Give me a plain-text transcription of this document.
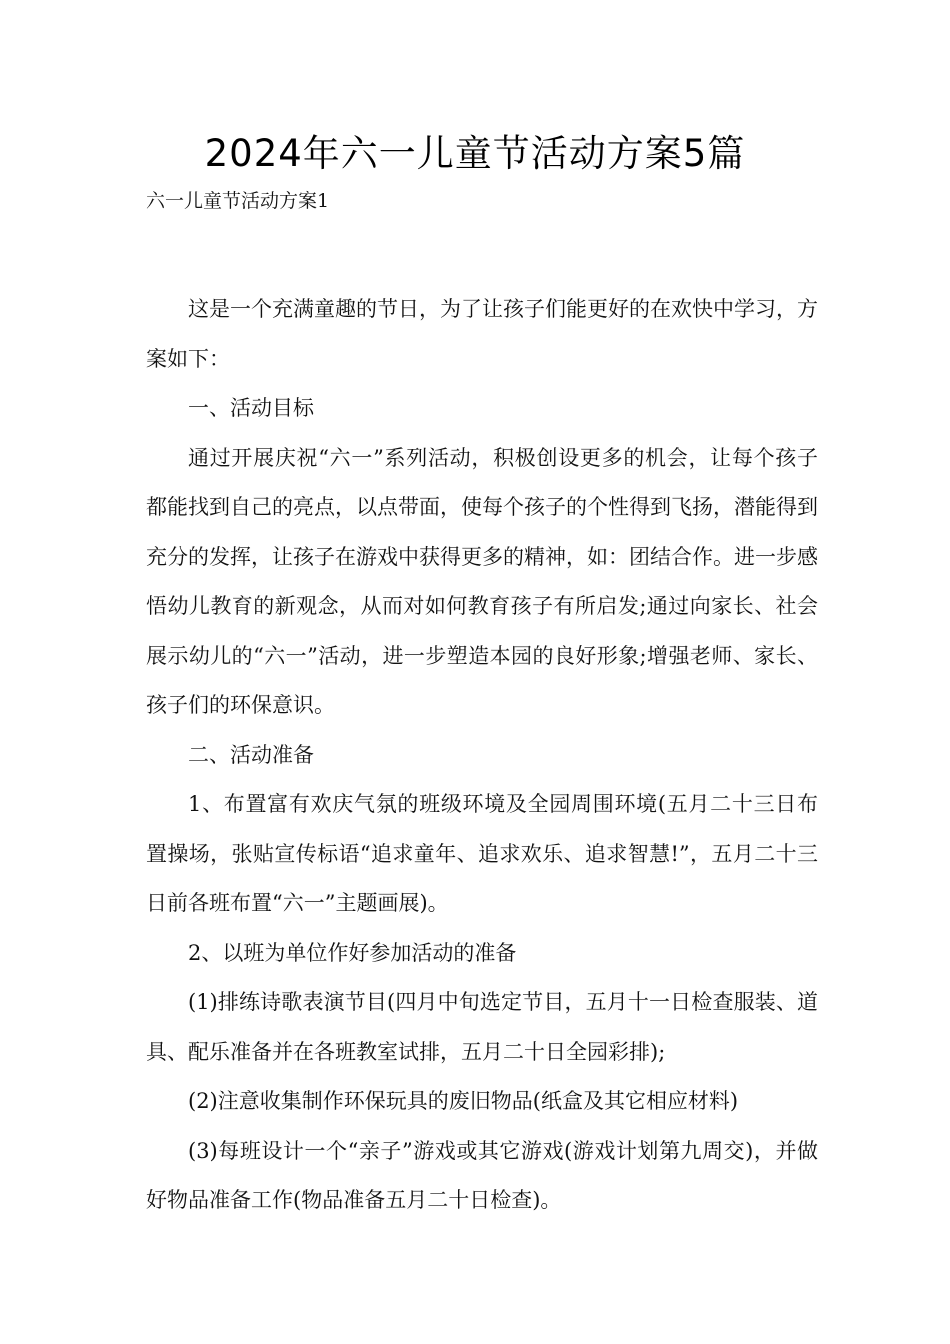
2024年六一儿童节活动方案5篇
六一儿童节活动方案1

这是一个充满童趣的节日，为了让孩子们能更好的在欢快中学习，方案如下：

一、活动目标

通过开展庆祝“六一”系列活动，积极创设更多的机会，让每个孩子都能找到自己的亮点，以点带面，使每个孩子的个性得到飞扬，潜能得到充分的发挥，让孩子在游戏中获得更多的精神，如：团结合作。进一步感悟幼儿教育的新观念，从而对如何教育孩子有所启发;通过向家长、社会展示幼儿的“六一”活动，进一步塑造本园的良好形象;增强老师、家长、孩子们的环保意识。

二、活动准备

1、布置富有欢庆气氛的班级环境及全园周围环境(五月二十三日布置操场，张贴宣传标语“追求童年、追求欢乐、追求智慧!”，五月二十三日前各班布置“六一”主题画展)。

2、以班为单位作好参加活动的准备

(1)排练诗歌表演节目(四月中旬选定节目，五月十一日检查服装、道具、配乐准备并在各班教室试排，五月二十日全园彩排);

(2)注意收集制作环保玩具的废旧物品(纸盒及其它相应材料)

(3)每班设计一个“亲子”游戏或其它游戏(游戏计划第九周交)，并做好物品准备工作(物品准备五月二十日检查)。
